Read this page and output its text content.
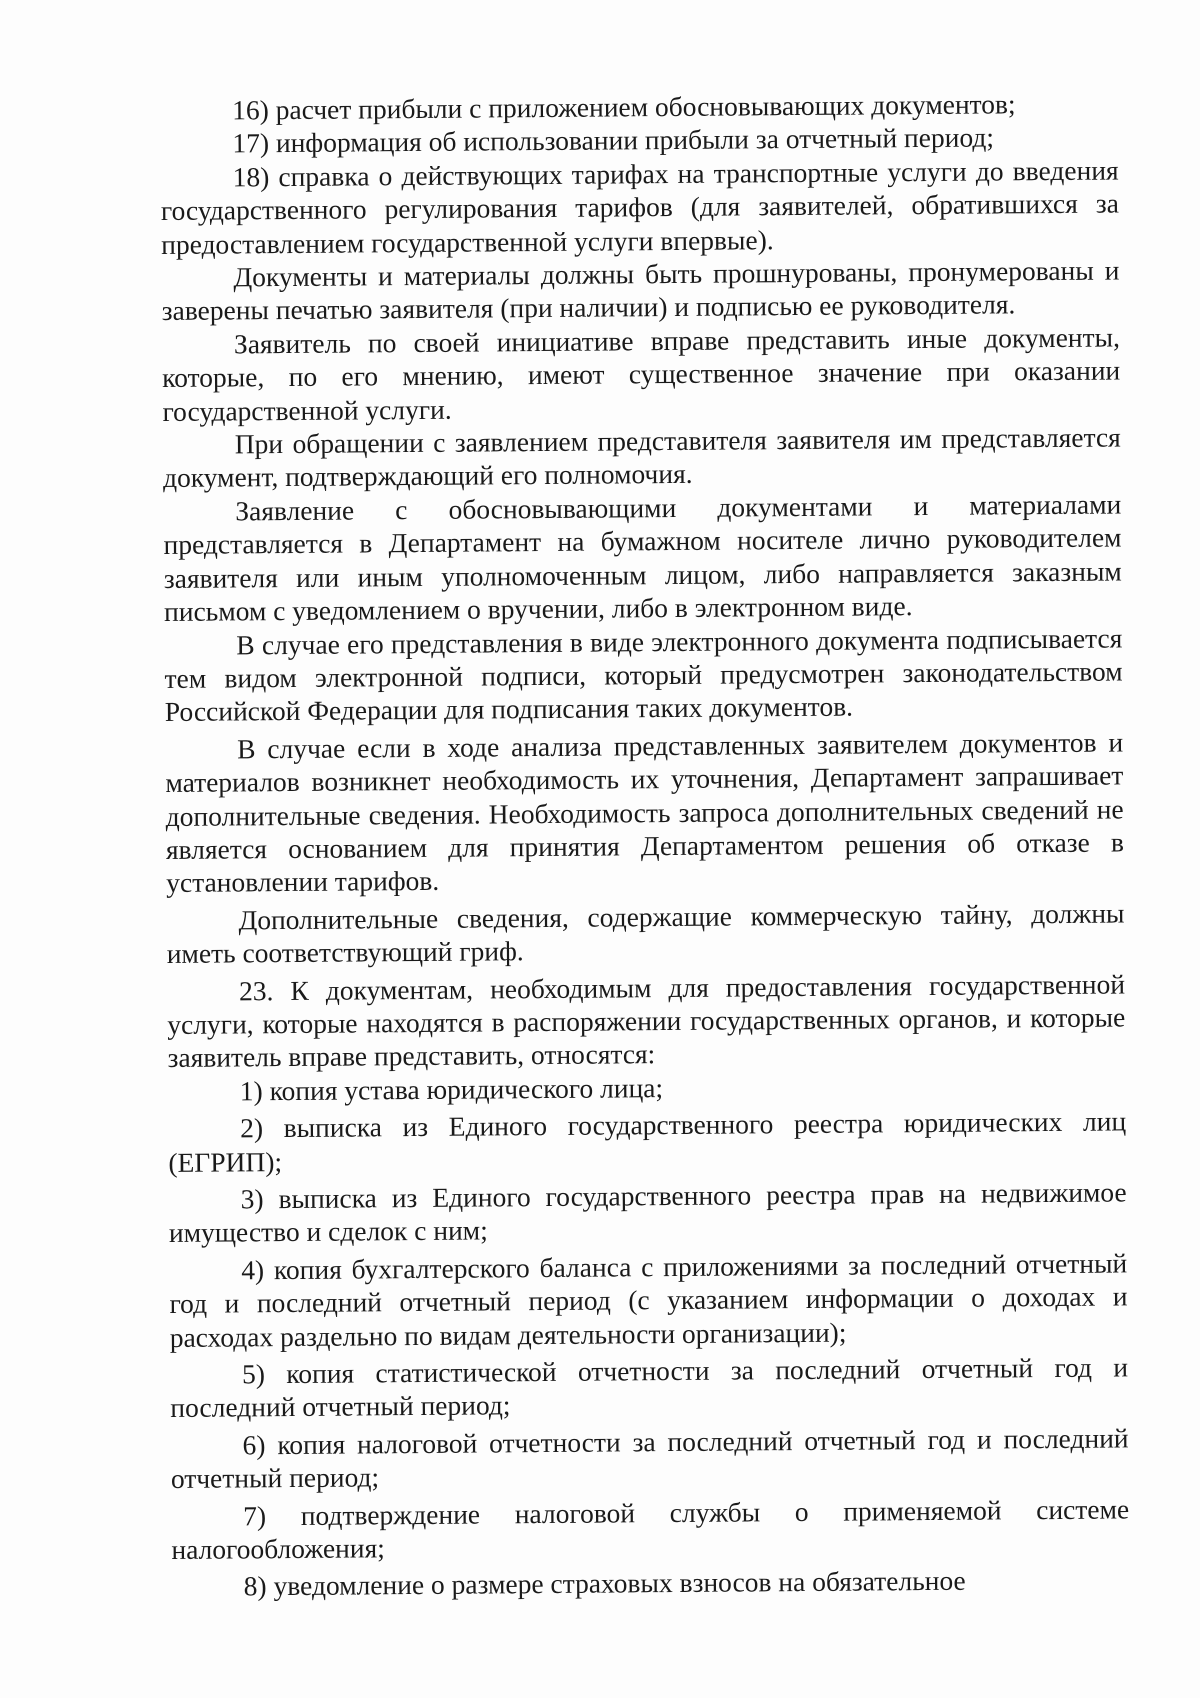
16) расчет прибыли с приложением обосновывающих документов;

17) информация об использовании прибыли за отчетный период;

18) справка о действующих тарифах на транспортные услуги до введения государственного регулирования тарифов (для заявителей, обратившихся за предоставлением государственной услуги впервые).

Документы и материалы должны быть прошнурованы, пронумерованы и заверены печатью заявителя (при наличии) и подписью ее руководителя.

Заявитель по своей инициативе вправе представить иные документы, которые, по его мнению, имеют существенное значение при оказании государственной услуги.

При обращении с заявлением представителя заявителя им представляется документ, подтверждающий его полномочия.

Заявление с обосновывающими документами и материалами представляется в Департамент на бумажном носителе лично руководителем заявителя или иным уполномоченным лицом, либо направляется заказным письмом с уведомлением о вручении, либо в электронном виде.

В случае его представления в виде электронного документа подписывается тем видом электронной подписи, который предусмотрен законодательством Российской Федерации для подписания таких документов.

В случае если в ходе анализа представленных заявителем документов и материалов возникнет необходимость их уточнения, Департамент запрашивает дополнительные сведения. Необходимость запроса дополнительных сведений не является основанием для принятия Департаментом решения об отказе в установлении тарифов.

Дополнительные сведения, содержащие коммерческую тайну, должны иметь соответствующий гриф.

23. К документам, необходимым для предоставления государственной услуги, которые находятся в распоряжении государственных органов, и которые заявитель вправе представить, относятся:

1) копия устава юридического лица;

2) выписка из Единого государственного реестра юридических лиц (ЕГРИП);

3) выписка из Единого государственного реестра прав на недвижимое имущество и сделок с ним;

4) копия бухгалтерского баланса с приложениями за последний отчетный год и последний отчетный период (с указанием информации о доходах и расходах раздельно по видам деятельности организации);

5) копия статистической отчетности за последний отчетный год и последний отчетный период;

6) копия налоговой отчетности за последний отчетный год и последний отчетный период;

7) подтверждение налоговой службы о применяемой системе налогообложения;

8) уведомление о размере страховых взносов на обязательное
